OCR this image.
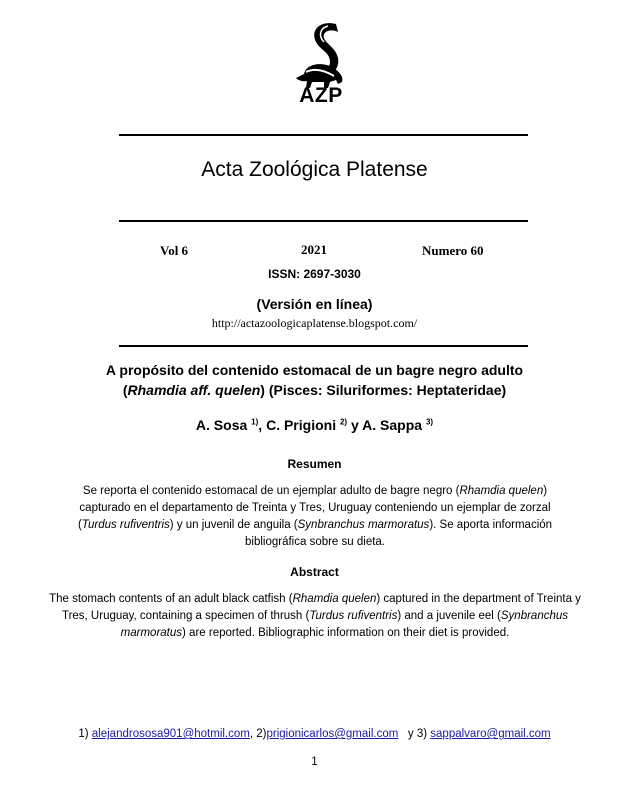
AZP
Acta Zoológica Platense
Vol 6	2021	Numero 60
ISSN: 2697-3030
(Versión en línea)
http://actazoologicaplatense.blogspot.com/
A propósito del contenido estomacal de un bagre negro adulto
(Rhamdia aff. quelen) (Pisces: Siluriformes: Heptateridae)
A. Sosa $^{1)}$, C. Prigioni $^{2)}$ y A. Sappa $^{3)}$
Resumen
Se reporta el contenido estomacal de un ejemplar adulto de bagre negro (Rhamdia quelen) capturado en el departamento de Treinta y Tres, Uruguay conteniendo un ejemplar de zorzal (Turdus rufiventris) y un juvenil de anguila (Synbranchus marmoratus). Se aporta información bibliográfica sobre su dieta.
Abstract
The stomach contents of an adult black catfish (Rhamdia quelen) captured in the department of Treinta y Tres, Uruguay, containing a specimen of thrush (Turdus rufiventris) and a juvenile eel (Synbranchus marmoratus) are reported. Bibliographic information on their diet is provided.
1) alejandrososa901@hotmil.com, 2)prigionicarlos@gmail.com   y 3) sappalvaro@gmail.com
1
